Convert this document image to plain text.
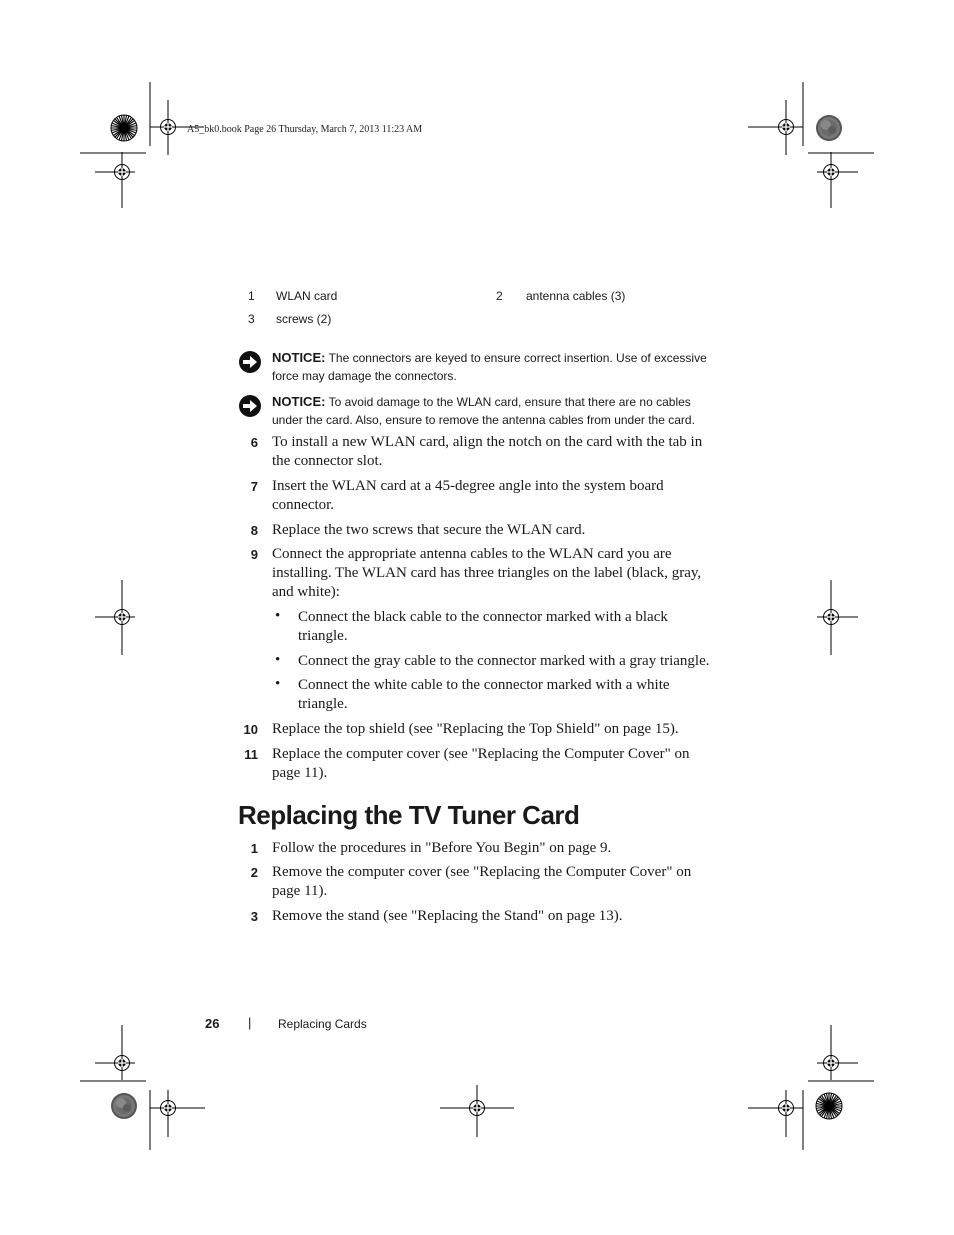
A5_bk0.book Page 26 Thursday, March 7, 2013 11:23 AM
1 WLAN card	2 antenna cables (3)
3 screws (2)
NOTICE: The connectors are keyed to ensure correct insertion. Use of excessive
force may damage the connectors.
NOTICE: To avoid damage to the WLAN card, ensure that there are no cables
under the card. Also, ensure to remove the antenna cables from under the card.
6 To install a new WLAN card, align the notch on the card with the tab in
the connector slot.
7 Insert the WLAN card at a 45-degree angle into the system board
connector.
8 Replace the two screws that secure the WLAN card.
9 Connect the appropriate antenna cables to the WLAN card you are
installing. The WLAN card has three triangles on the label (black, gray,
and white):
• Connect the black cable to the connector marked with a black
triangle.
• Connect the gray cable to the connector marked with a gray triangle.
• Connect the white cable to the connector marked with a white
triangle.
10 Replace the top shield (see "Replacing the Top Shield" on page 15).
11 Replace the computer cover (see "Replacing the Computer Cover" on
page 11).
Replacing the TV Tuner Card
1 Follow the procedures in "Before You Begin" on page 9.
2 Remove the computer cover (see "Replacing the Computer Cover" on
page 11).
3 Remove the stand (see "Replacing the Stand" on page 13).
26 | Replacing Cards
